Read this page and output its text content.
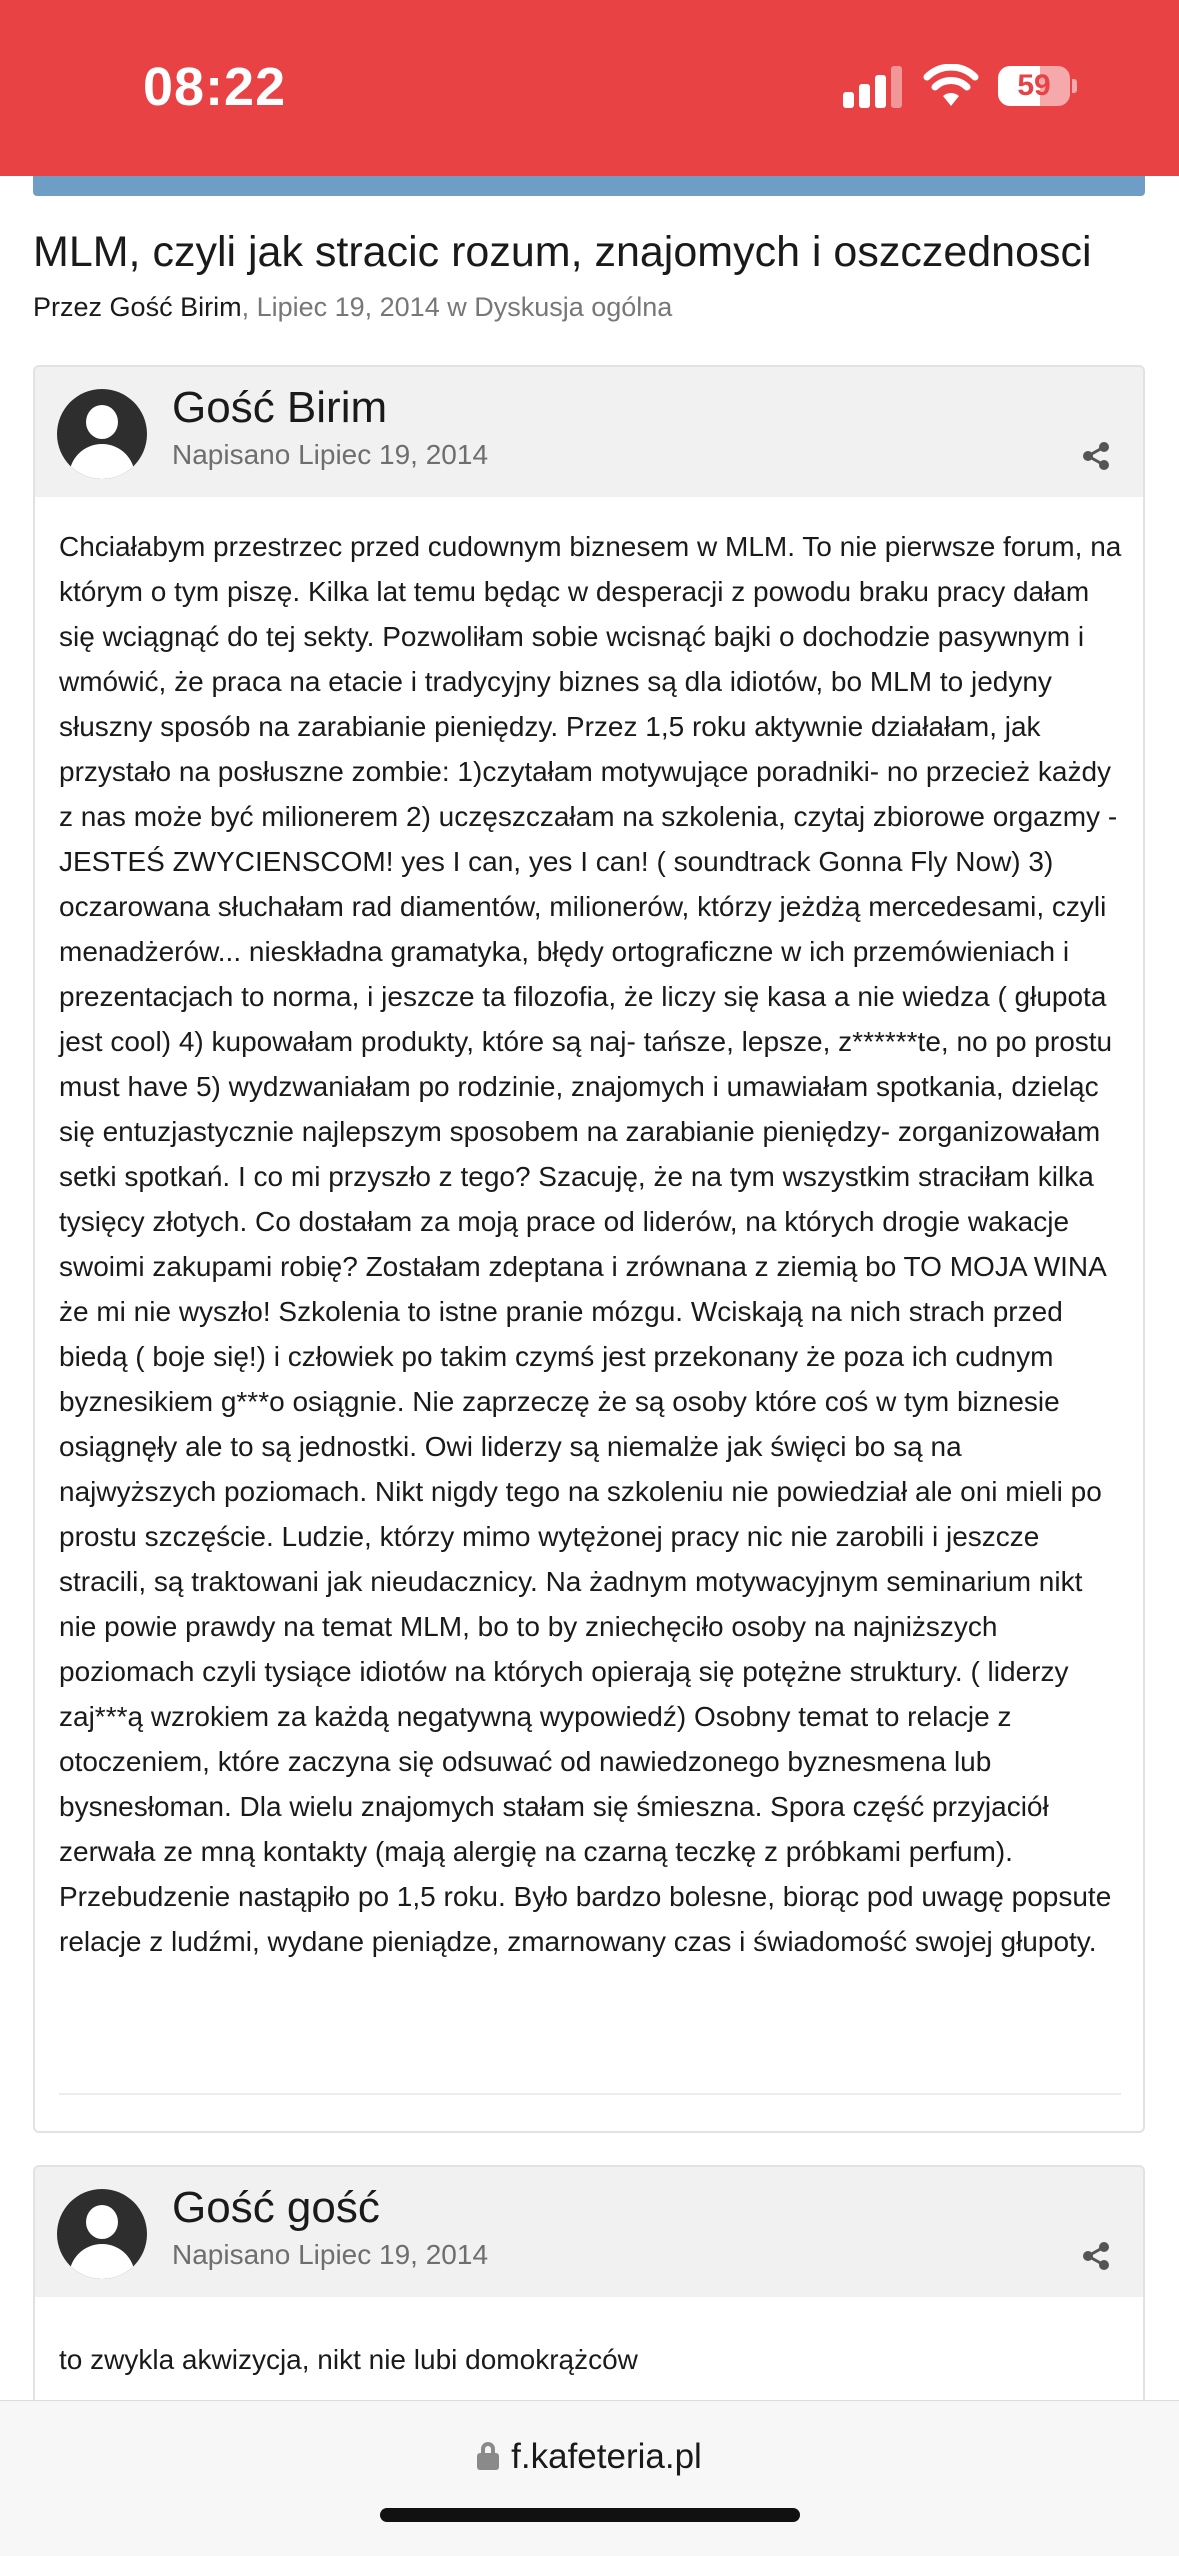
08:22	59
MLM, czyli jak stracic rozum, znajomych i oszczednosci
Przez Gość Birim, Lipiec 19, 2014 w Dyskusja ogólna
Gość Birim
Napisano Lipiec 19, 2014
Chciałabym przestrzec przed cudownym biznesem w MLM. To nie pierwsze forum, na którym o tym piszę. Kilka lat temu będąc w desperacji z powodu braku pracy dałam się wciągnąć do tej sekty. Pozwoliłam sobie wcisnąć bajki o dochodzie pasywnym i wmówić, że praca na etacie i tradycyjny biznes są dla idiotów, bo MLM to jedyny słuszny sposób na zarabianie pieniędzy. Przez 1,5 roku aktywnie działałam, jak przystało na posłuszne zombie: 1)czytałam motywujące poradniki- no przecież każdy z nas może być milionerem 2) uczęszczałam na szkolenia, czytaj zbiorowe orgazmy - JESTEŚ ZWYCIENSCOM! yes I can, yes I can! ( soundtrack Gonna Fly Now) 3) oczarowana słuchałam rad diamentów, milionerów, którzy jeżdżą mercedesami, czyli menadżerów... nieskładna gramatyka, błędy ortograficzne w ich przemówieniach i prezentacjach to norma, i jeszcze ta filozofia, że liczy się kasa a nie wiedza ( głupota jest cool) 4) kupowałam produkty, które są naj- tańsze, lepsze, z******te, no po prostu must have 5) wydzwaniałam po rodzinie, znajomych i umawiałam spotkania, dzieląc się entuzjastycznie najlepszym sposobem na zarabianie pieniędzy- zorganizowałam setki spotkań. I co mi przyszło z tego? Szacuję, że na tym wszystkim straciłam kilka tysięcy złotych. Co dostałam za moją prace od liderów, na których drogie wakacje swoimi zakupami robię? Zostałam zdeptana i zrównana z ziemią bo TO MOJA WINA że mi nie wyszło! Szkolenia to istne pranie mózgu. Wciskają na nich strach przed biedą ( boje się!) i człowiek po takim czymś jest przekonany że poza ich cudnym byznesikiem g***o osiągnie. Nie zaprzeczę że są osoby które coś w tym biznesie osiągnęły ale to są jednostki. Owi liderzy są niemalże jak święci bo są na najwyższych poziomach. Nikt nigdy tego na szkoleniu nie powiedział ale oni mieli po prostu szczęście. Ludzie, którzy mimo wytężonej pracy nic nie zarobili i jeszcze stracili, są traktowani jak nieudacznicy. Na żadnym motywacyjnym seminarium nikt nie powie prawdy na temat MLM, bo to by zniechęciło osoby na najniższych poziomach czyli tysiące idiotów na których opierają się potężne struktury. ( liderzy zaj***ą wzrokiem za każdą negatywną wypowiedź) Osobny temat to relacje z otoczeniem, które zaczyna się odsuwać od nawiedzonego byznesmena lub bysnesłoman. Dla wielu znajomych stałam się śmieszna. Spora część przyjaciół zerwała ze mną kontakty (mają alergię na czarną teczkę z próbkami perfum). Przebudzenie nastąpiło po 1,5 roku. Było bardzo bolesne, biorąc pod uwagę popsute relacje z ludźmi, wydane pieniądze, zmarnowany czas i świadomość swojej głupoty.
Gość gość
Napisano Lipiec 19, 2014
to zwykla akwizycja, nikt nie lubi domokrążców
f.kafeteria.pl
